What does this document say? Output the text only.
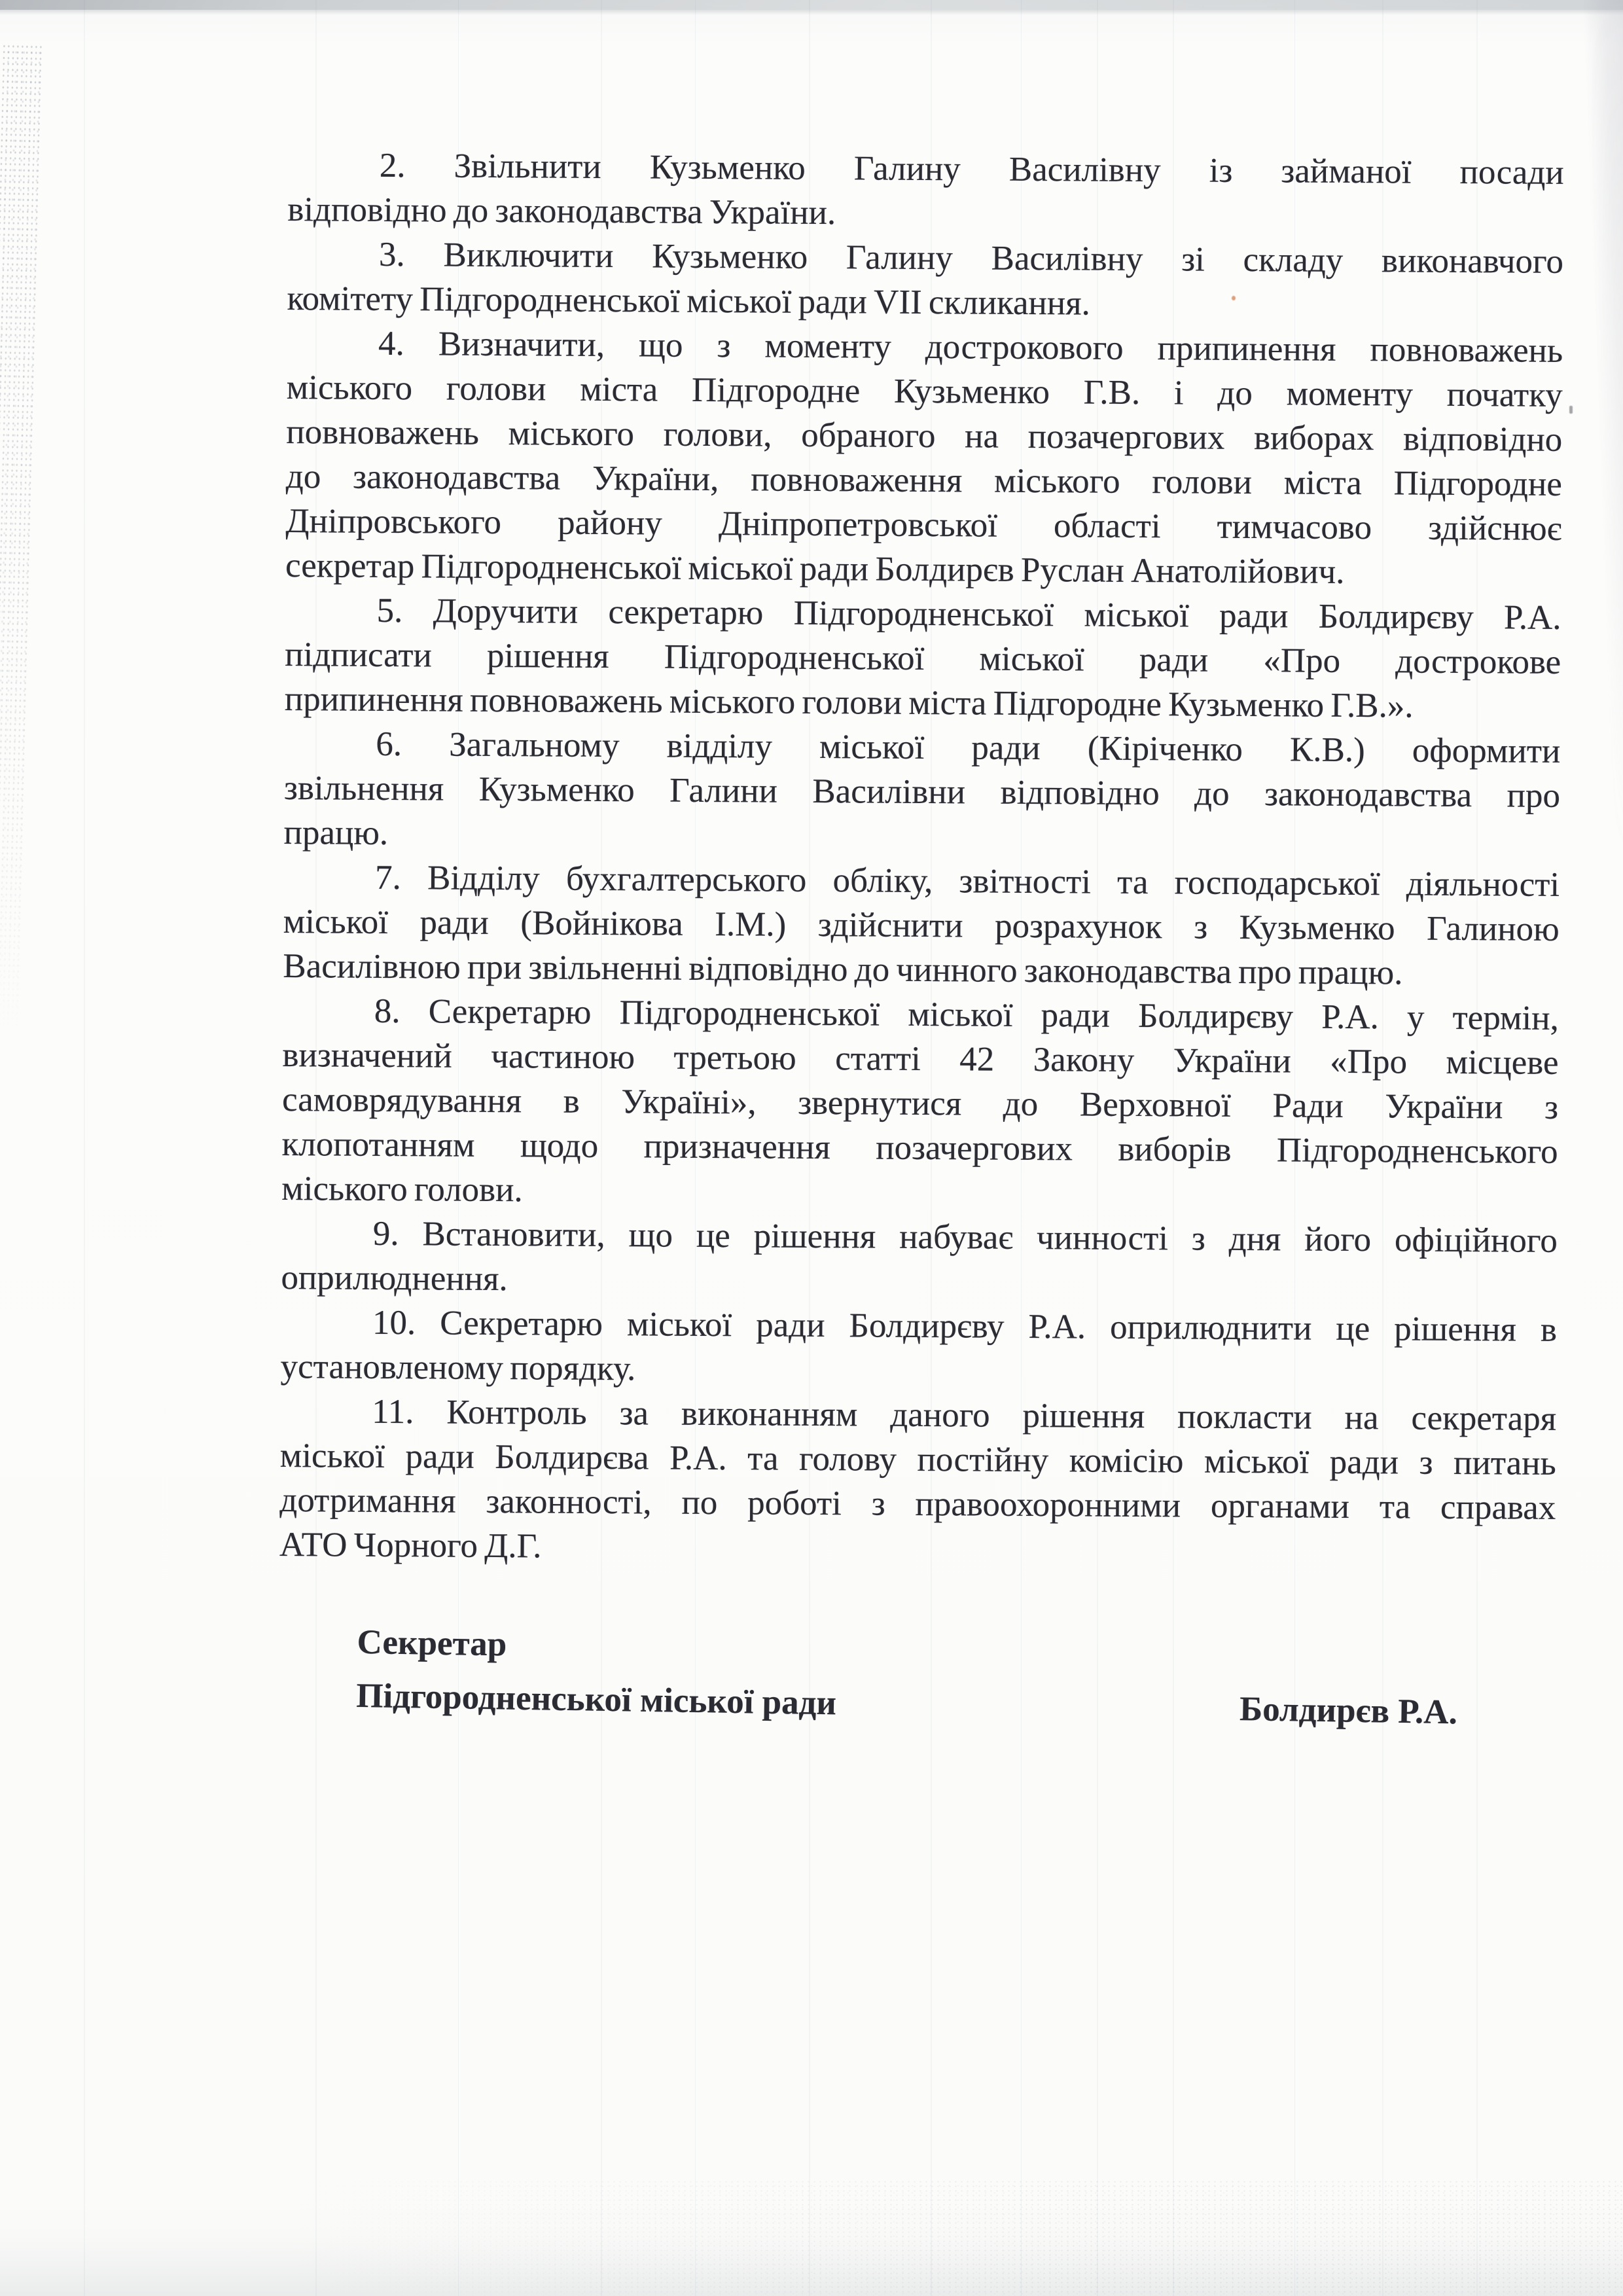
2. Звільнити Кузьменко Галину Василівну із займаної посади
відповідно до законодавства України.
3. Виключити Кузьменко Галину Василівну зі складу виконавчого
комітету Підгородненської міської ради VII скликання.
4. Визначити, що з моменту дострокового припинення повноважень
міського голови міста Підгородне Кузьменко Г.В. і до моменту початку
повноважень міського голови, обраного на позачергових виборах відповідно
до законодавства України, повноваження міського голови міста Підгородне
Дніпровського району Дніпропетровської області тимчасово здійснює
секретар Підгородненської міської ради Болдирєв Руслан Анатолійович.
5. Доручити секретарю Підгородненської міської ради Болдирєву Р.А.
підписати рішення Підгородненської міської ради «Про дострокове
припинення повноважень міського голови міста Підгородне Кузьменко Г.В.».
6. Загальному відділу міської ради (Кіріченко К.В.) оформити
звільнення Кузьменко Галини Василівни відповідно до законодавства про
працю.
7. Відділу бухгалтерського обліку, звітності та господарської діяльності
міської ради (Войнікова І.М.) здійснити розрахунок з Кузьменко Галиною
Василівною при звільненні відповідно до чинного законодавства про працю.
8. Секретарю Підгородненської міської ради Болдирєву Р.А. у термін,
визначений частиною третьою статті 42 Закону України «Про місцеве
самоврядування в Україні», звернутися до Верховної Ради України з
клопотанням щодо призначення позачергових виборів Підгородненського
міського голови.
9. Встановити, що це рішення набуває чинності з дня його офіційного
оприлюднення.
10. Секретарю міської ради Болдирєву Р.А. оприлюднити це рішення в
установленому порядку.
11. Контроль за виконанням даного рішення покласти на секретаря
міської ради Болдирєва Р.А. та голову постійну комісію міської ради з питань
дотримання законності, по роботі з правоохоронними органами та справах
АТО Чорного Д.Г.
Секретар
Підгородненської міської ради	Болдирєв Р.А.
